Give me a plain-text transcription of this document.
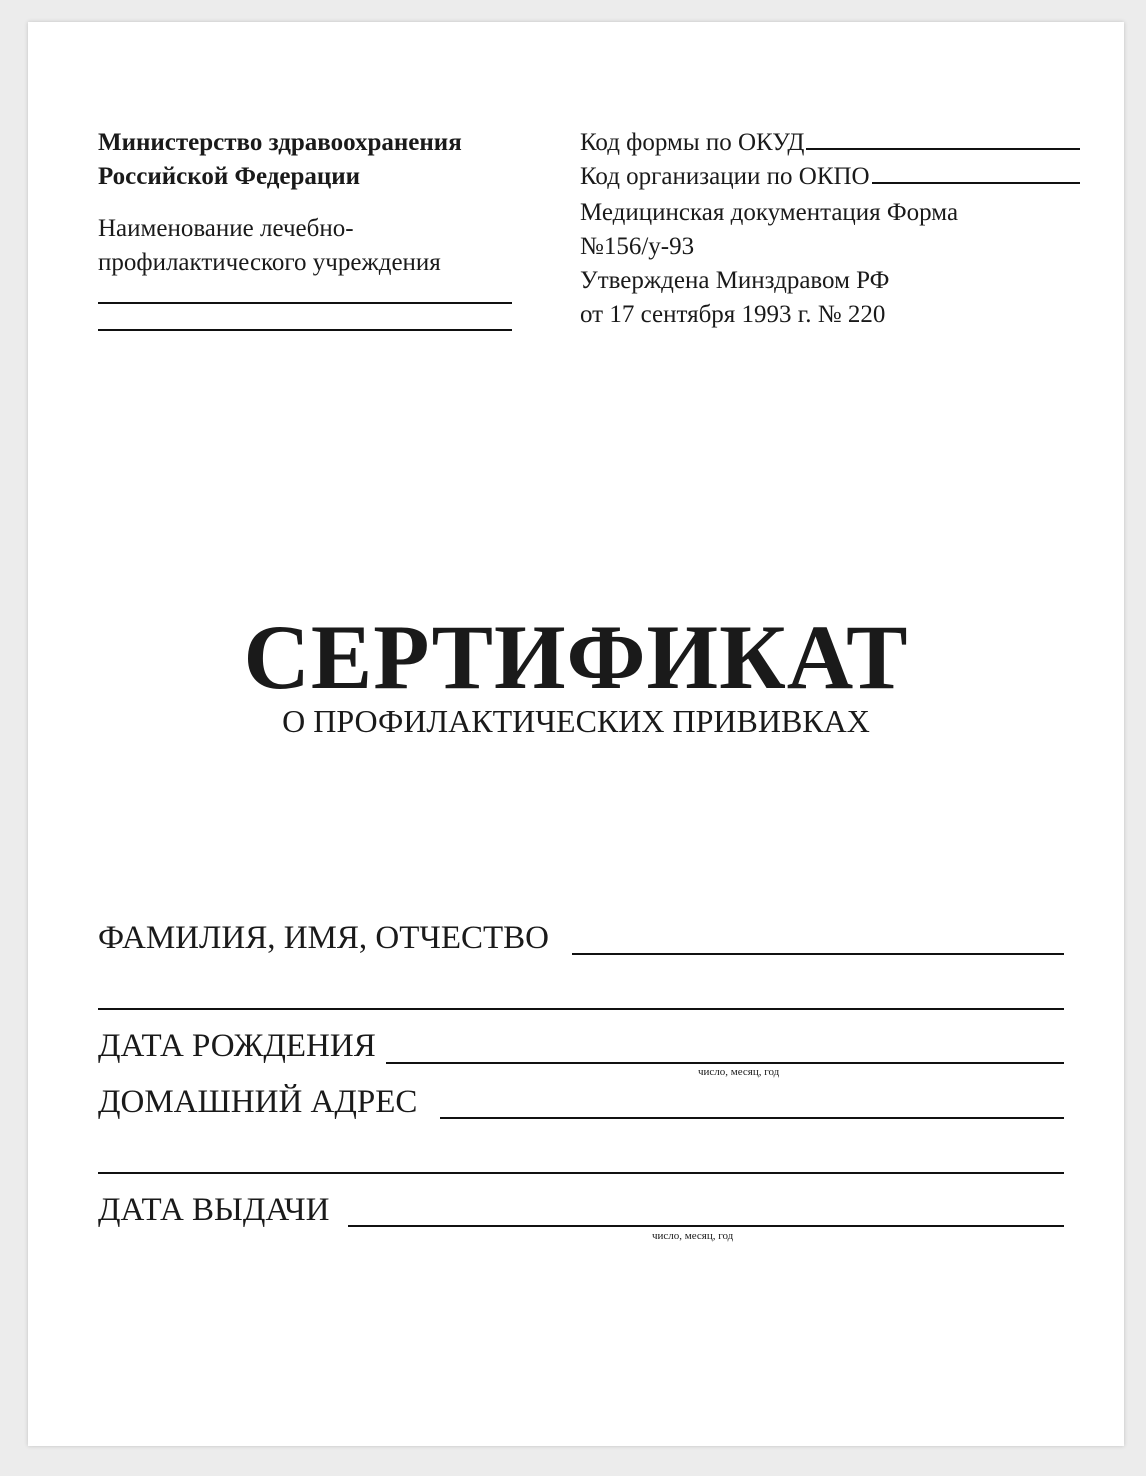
Министерство здравоохранения
Российской Федерации
Наименование лечебно-
профилактического учреждения
Код формы по ОКУД
Код организации по ОКПО
Медицинская документация Форма
№156/у-93
Утверждена Минздравом РФ
от 17 сентября 1993 г. № 220
СЕРТИФИКАТ
О ПРОФИЛАКТИЧЕСКИХ ПРИВИВКАХ
ФАМИЛИЯ, ИМЯ, ОТЧЕСТВО
ДАТА РОЖДЕНИЯ
число, месяц, год
ДОМАШНИЙ АДРЕС
ДАТА ВЫДАЧИ
число, месяц, год
